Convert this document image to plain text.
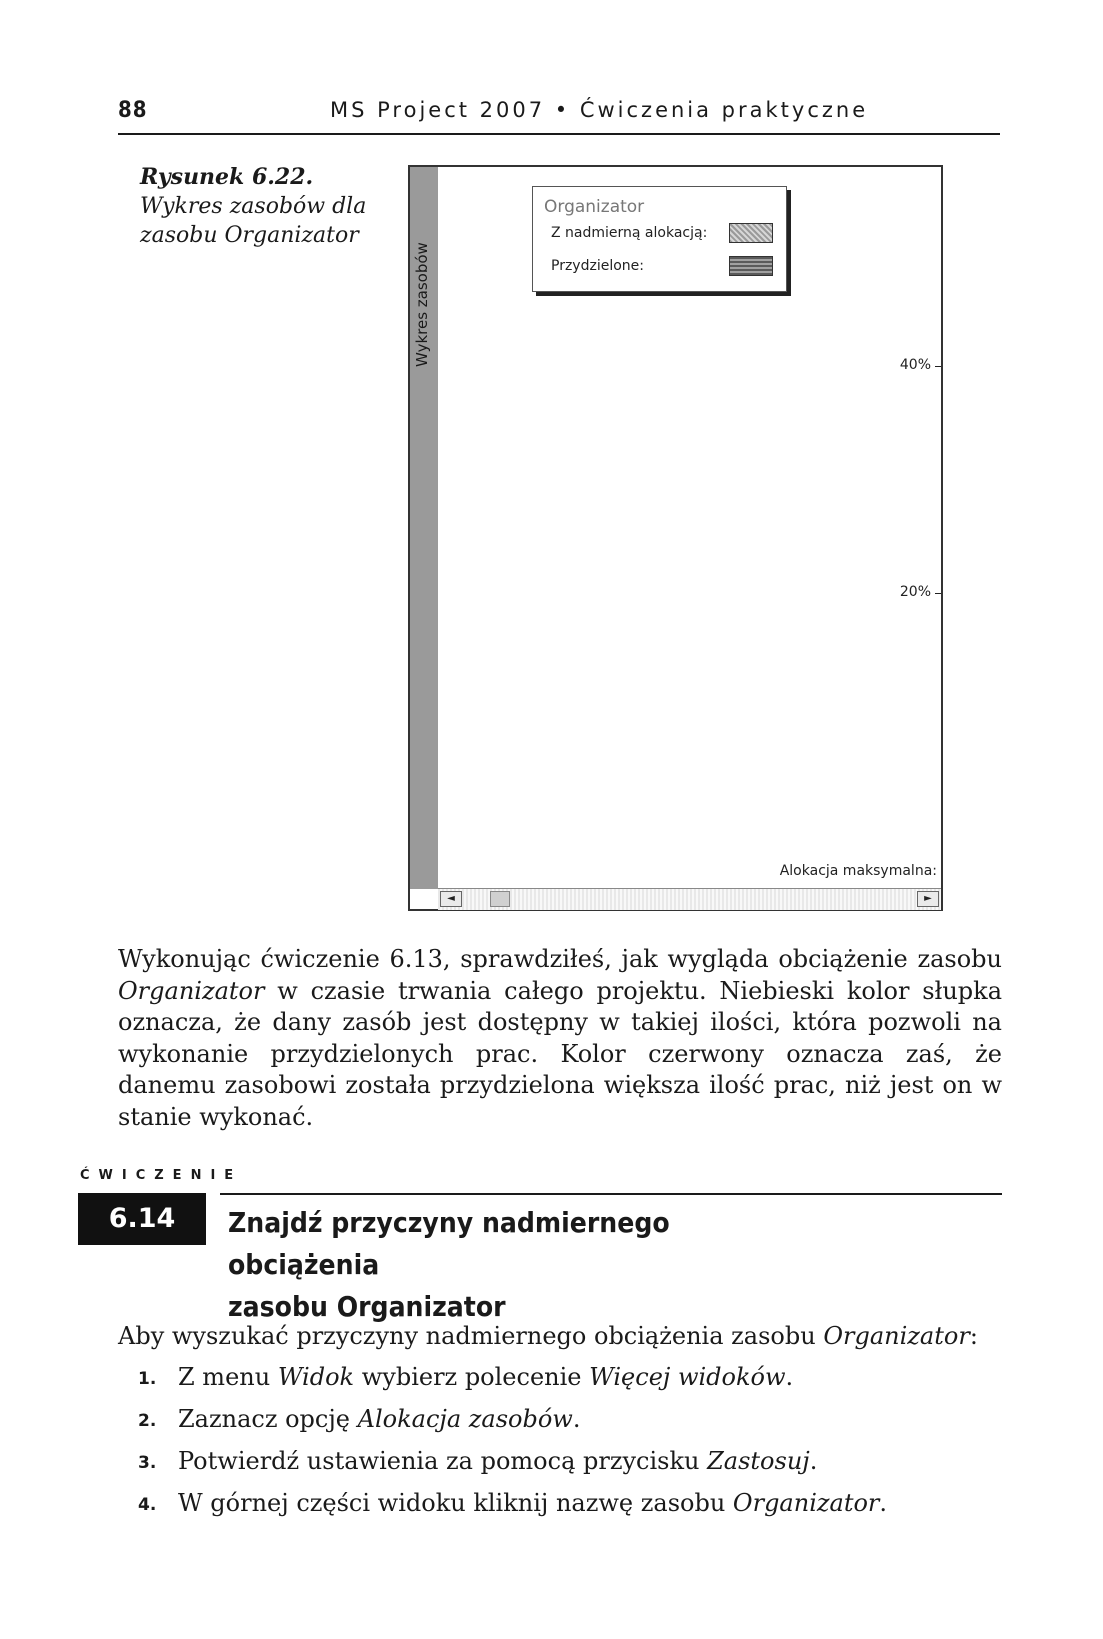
88	MS Project 2007 • Ćwiczenia praktyczne
Rysunek 6.22.
Wykres zasobów dla zasobu Organizator
Wykres zasobów
Organizator
Z nadmierną alokacją:
Przydzielone:
40%
20%
Alokacja maksymalna:
◄	►

Wykonując ćwiczenie 6.13, sprawdziłeś, jak wygląda obciążenie zasobu Organizator w czasie trwania całego projektu. Niebieski kolor słupka oznacza, że dany zasób jest dostępny w takiej ilości, która pozwoli na wykonanie przydzielonych prac. Kolor czerwony oznacza zaś, że danemu zasobowi została przydzielona większa ilość prac, niż jest on w stanie wykonać.

ĆWICZENIE
6.14	Znajdź przyczyny nadmiernego obciążenia
zasobu Organizator
Aby wyszukać przyczyny nadmiernego obciążenia zasobu Organizator:
1. Z menu Widok wybierz polecenie Więcej widoków.
2. Zaznacz opcję Alokacja zasobów.
3. Potwierdź ustawienia za pomocą przycisku Zastosuj.
4. W górnej części widoku kliknij nazwę zasobu Organizator.
